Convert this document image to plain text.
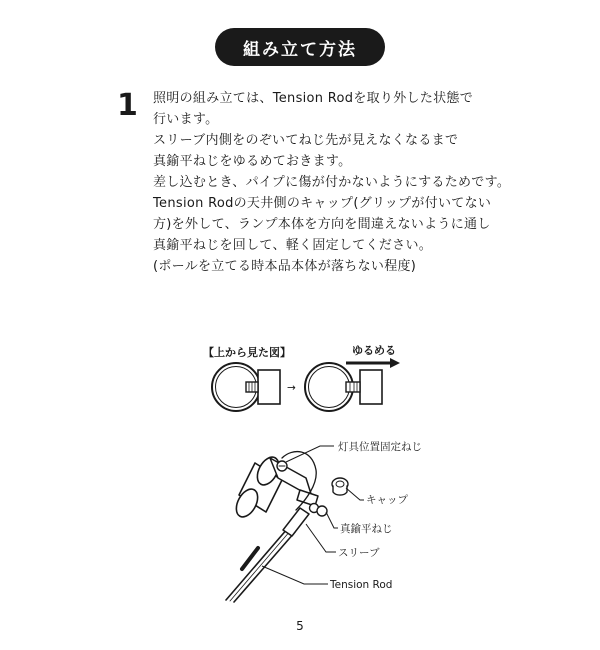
組み立て方法
1 照明の組み立ては、Tension Rodを取り外した状態で
行います。
スリーブ内側をのぞいてねじ先が見えなくなるまで
真鍮平ねじをゆるめておきます。
差し込むとき、パイプに傷が付かないようにするためです。
Tension Rodの天井側のキャップ(グリップが付いてない
方)を外して、ランプ本体を方向を間違えないように通し
真鍮平ねじを回して、軽く固定してください。
(ポールを立てる時本品本体が落ちない程度)
【上から見た図】	ゆるめる
→
灯具位置固定ねじ
キャップ
真鍮平ねじ
スリーブ
Tension Rod
5
